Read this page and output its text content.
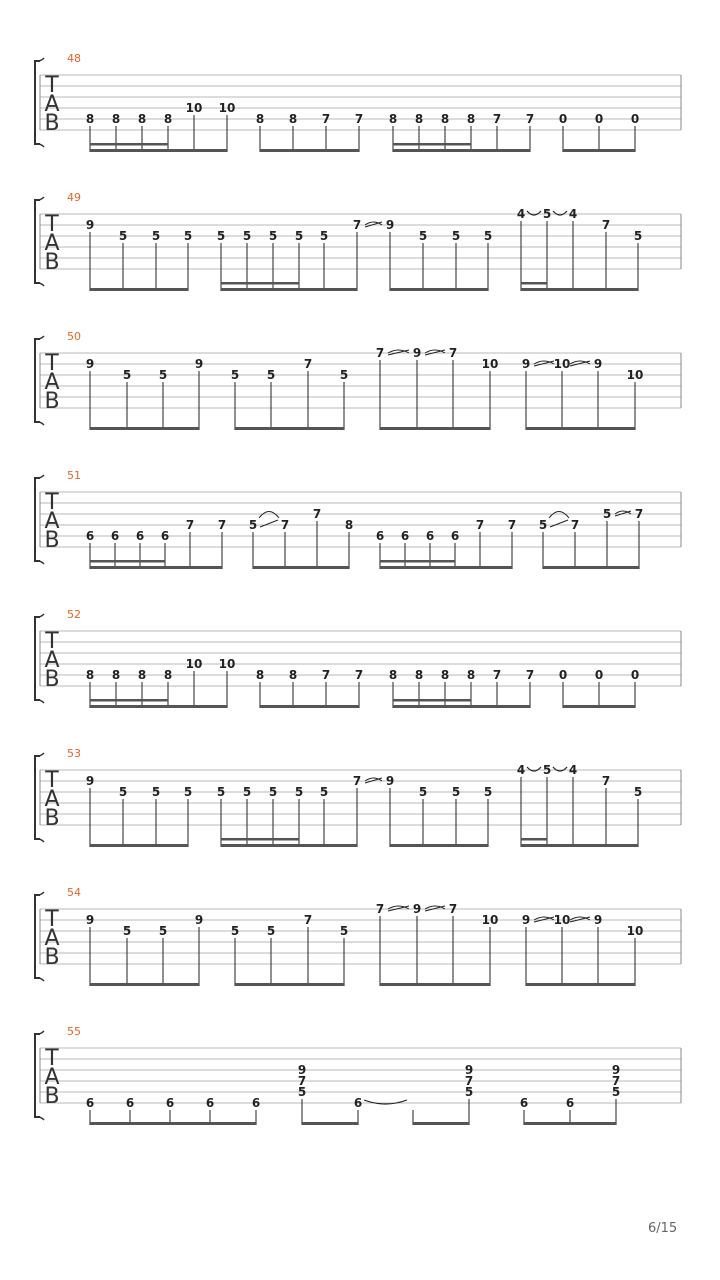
T
A
B
48
8 8 8 8
10 10
8 8 7 7 8 8 8 8 7 7 0 0 0
T
A
B
49
9
5 5 5 5 5 5 5 5
7 9
5 5 5
4 5 4
7
5
T
A
B
50
9
5 5
9
5 5
7
5
7 9 7
10 9 10 9
10
T
A
B
51
6 6 6 6
7 7 5 7
7
8
6 6 6 6
7 7 5 7
5 7
T
A
B
52
8 8 8 8
10 10
8 8 7 7 8 8 8 8 7 7 0 0 0
T
A
B
53
9
5 5 5 5 5 5 5 5
7 9
5 5 5
4 5 4
7
5
T
A
B
54
9
5 5
9
5 5
7
5
7 9 7
10 9 10 9
10
T
A
B
55
6	6	6	6	6
9
7
5
6
9
7
5
6	6
9
7
5
6/15
